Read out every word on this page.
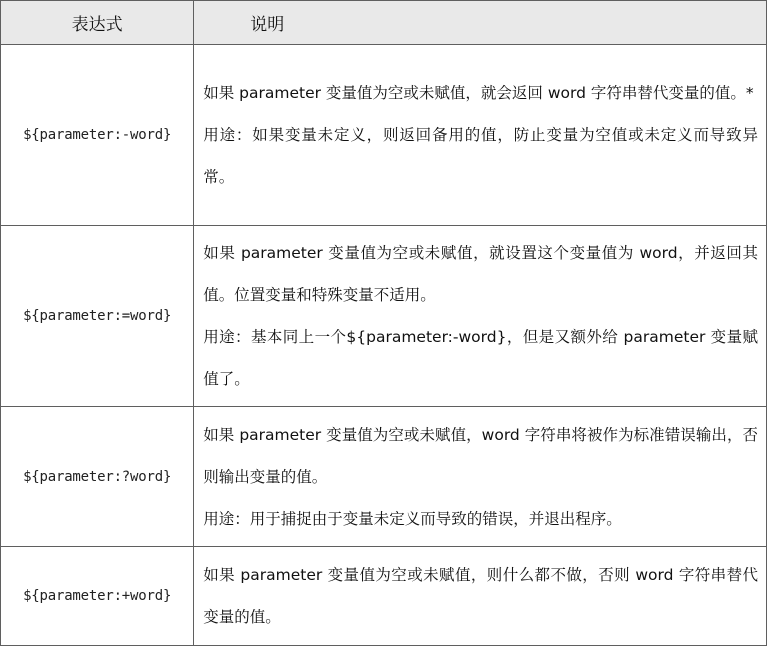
表达式	说明
${parameter:-word}	如果 parameter 变量值为空或未赋值，就会返回 word 字符串替代变量的值。*

用途：如果变量未定义，则返回备用的值，防止变量为空值或未定义而导致异常。

${parameter:=word}	如果 parameter 变量值为空或未赋值，就设置这个变量值为 word，并返回其值。位置变量和特殊变量不适用。

用途：基本同上一个${parameter:-word}，但是又额外给 parameter 变量赋值了。

${parameter:?word}	如果 parameter 变量值为空或未赋值，word 字符串将被作为标准错误输出，否则输出变量的值。

用途：用于捕捉由于变量未定义而导致的错误，并退出程序。

${parameter:+word}	如果 parameter 变量值为空或未赋值，则什么都不做，否则 word 字符串替代变量的值。
